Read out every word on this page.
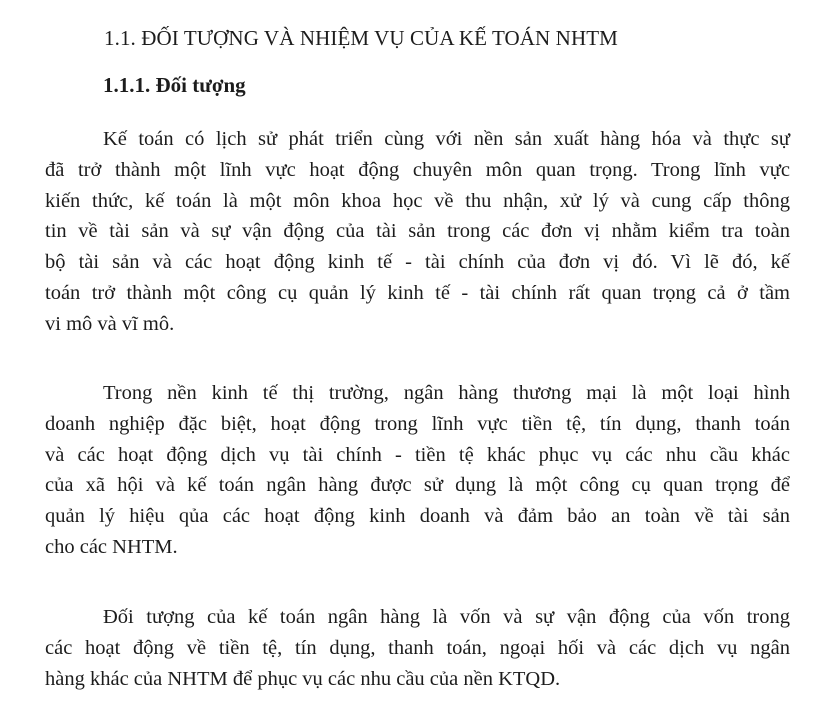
1.1. ĐỐI TƯỢNG VÀ NHIỆM VỤ CỦA KẾ TOÁN NHTM
1.1.1. Đối tượng
Kế toán có lịch sử phát triển cùng với nền sản xuất hàng hóa và thực sự
đã trở thành một lĩnh vực hoạt động chuyên môn quan trọng. Trong lĩnh vực
kiến thức, kế toán là một môn khoa học về thu nhận, xử lý và cung cấp thông
tin về tài sản và sự vận động của tài sản trong các đơn vị nhằm kiểm tra toàn
bộ tài sản và các hoạt động kinh tế - tài chính của đơn vị đó. Vì lẽ đó, kế
toán trở thành một công cụ quản lý kinh tế - tài chính rất quan trọng cả ở tầm
vi mô và vĩ mô.
Trong nền kinh tế thị trường, ngân hàng thương mại là một loại hình
doanh nghiệp đặc biệt, hoạt động trong lĩnh vực tiền tệ, tín dụng, thanh toán
và các hoạt động dịch vụ tài chính - tiền tệ khác phục vụ các nhu cầu khác
của xã hội và kế toán ngân hàng được sử dụng là một công cụ quan trọng để
quản lý hiệu qủa các hoạt động kinh doanh và đảm bảo an toàn về tài sản
cho các NHTM.
Đối tượng của kế toán ngân hàng là vốn và sự vận động của vốn trong
các hoạt động về tiền tệ, tín dụng, thanh toán, ngoại hối và các dịch vụ ngân
hàng khác của NHTM để phục vụ các nhu cầu của nền KTQD.
